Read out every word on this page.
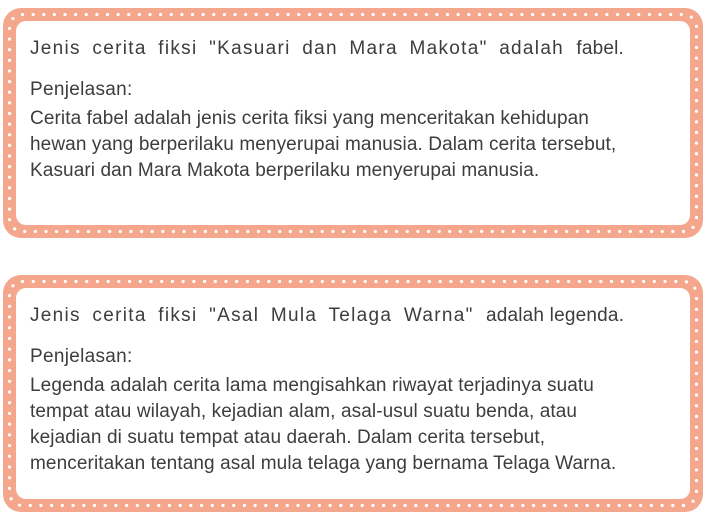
Jenis cerita fiksi "Kasuari dan Mara Makota" adalah fabel.
Penjelasan:
Cerita fabel adalah jenis cerita fiksi yang menceritakan kehidupan
hewan yang berperilaku menyerupai manusia. Dalam cerita tersebut,
Kasuari dan Mara Makota berperilaku menyerupai manusia.
Jenis cerita fiksi "Asal Mula Telaga Warna" adalah legenda.
Penjelasan:
Legenda adalah cerita lama mengisahkan riwayat terjadinya suatu
tempat atau wilayah, kejadian alam, asal-usul suatu benda, atau
kejadian di suatu tempat atau daerah. Dalam cerita tersebut,
menceritakan tentang asal mula telaga yang bernama Telaga Warna.
